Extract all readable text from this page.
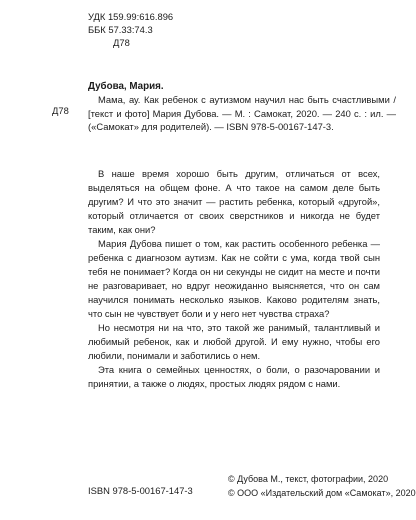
УДК 159.99:616.896
ББК 57.33:74.3
Д78
Д78
Дубова, Мария.
Мама, ау. Как ребенок с аутизмом научил нас быть счастливыми / [текст и фото] Мария Дубова. — М. : Самокат, 2020. — 240 с. : ил. — («Самокат» для родителей). — ISBN 978-5-00167-147-3.

В наше время хорошо быть другим, отличаться от всех, выделяться на общем фоне. А что такое на самом деле быть другим? И что это значит — растить ребенка, который «другой», который отличается от своих сверстников и никогда не будет таким, как они?

Мария Дубова пишет о том, как растить особенного ребенка — ребенка с диагнозом аутизм. Как не сойти с ума, когда твой сын тебя не понимает? Когда он ни секунды не сидит на месте и почти не разговаривает, но вдруг неожиданно выясняется, что он сам научился понимать несколько языков. Каково родителям знать, что сын не чувствует боли и у него нет чувства страха?

Но несмотря ни на что, это такой же ранимый, талантливый и любимый ребенок, как и любой другой. И ему нужно, чтобы его любили, понимали и заботились о нем.

Эта книга о семейных ценностях, о боли, о разочаровании и принятии, а также о людях, простых людях рядом с нами.

ISBN 978-5-00167-147-3
© Дубова М., текст, фотографии, 2020
© ООО «Издательский дом «Самокат», 2020
